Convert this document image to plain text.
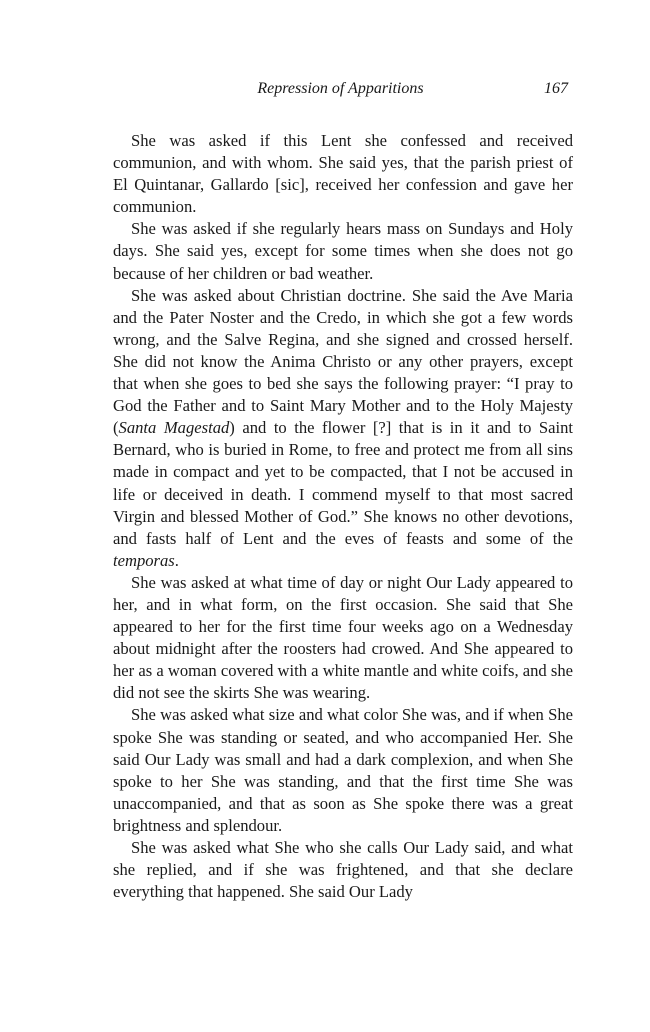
Repression of Apparitions	167

She was asked if this Lent she confessed and received communion, and with whom. She said yes, that the parish priest of El Quintanar, Gallardo [sic], received her confession and gave her communion.

She was asked if she regularly hears mass on Sundays and Holy days. She said yes, except for some times when she does not go because of her children or bad weather.

She was asked about Christian doctrine. She said the Ave Maria and the Pater Noster and the Credo, in which she got a few words wrong, and the Salve Regina, and she signed and crossed herself. She did not know the Anima Christo or any other prayers, except that when she goes to bed she says the following prayer: “I pray to God the Father and to Saint Mary Mother and to the Holy Majesty (Santa Magestad) and to the flower [?] that is in it and to Saint Bernard, who is buried in Rome, to free and protect me from all sins made in compact and yet to be compacted, that I not be accused in life or deceived in death. I commend myself to that most sacred Virgin and blessed Mother of God.” She knows no other devotions, and fasts half of Lent and the eves of feasts and some of the temporas.

She was asked at what time of day or night Our Lady appeared to her, and in what form, on the first occasion. She said that She appeared to her for the first time four weeks ago on a Wednesday about midnight after the roosters had crowed. And She appeared to her as a woman covered with a white mantle and white coifs, and she did not see the skirts She was wearing.

She was asked what size and what color She was, and if when She spoke She was standing or seated, and who accompanied Her. She said Our Lady was small and had a dark complexion, and when She spoke to her She was standing, and that the first time She was unaccompanied, and that as soon as She spoke there was a great brightness and splendour.

She was asked what She who she calls Our Lady said, and what she replied, and if she was frightened, and that she declare everything that happened. She said Our Lady
